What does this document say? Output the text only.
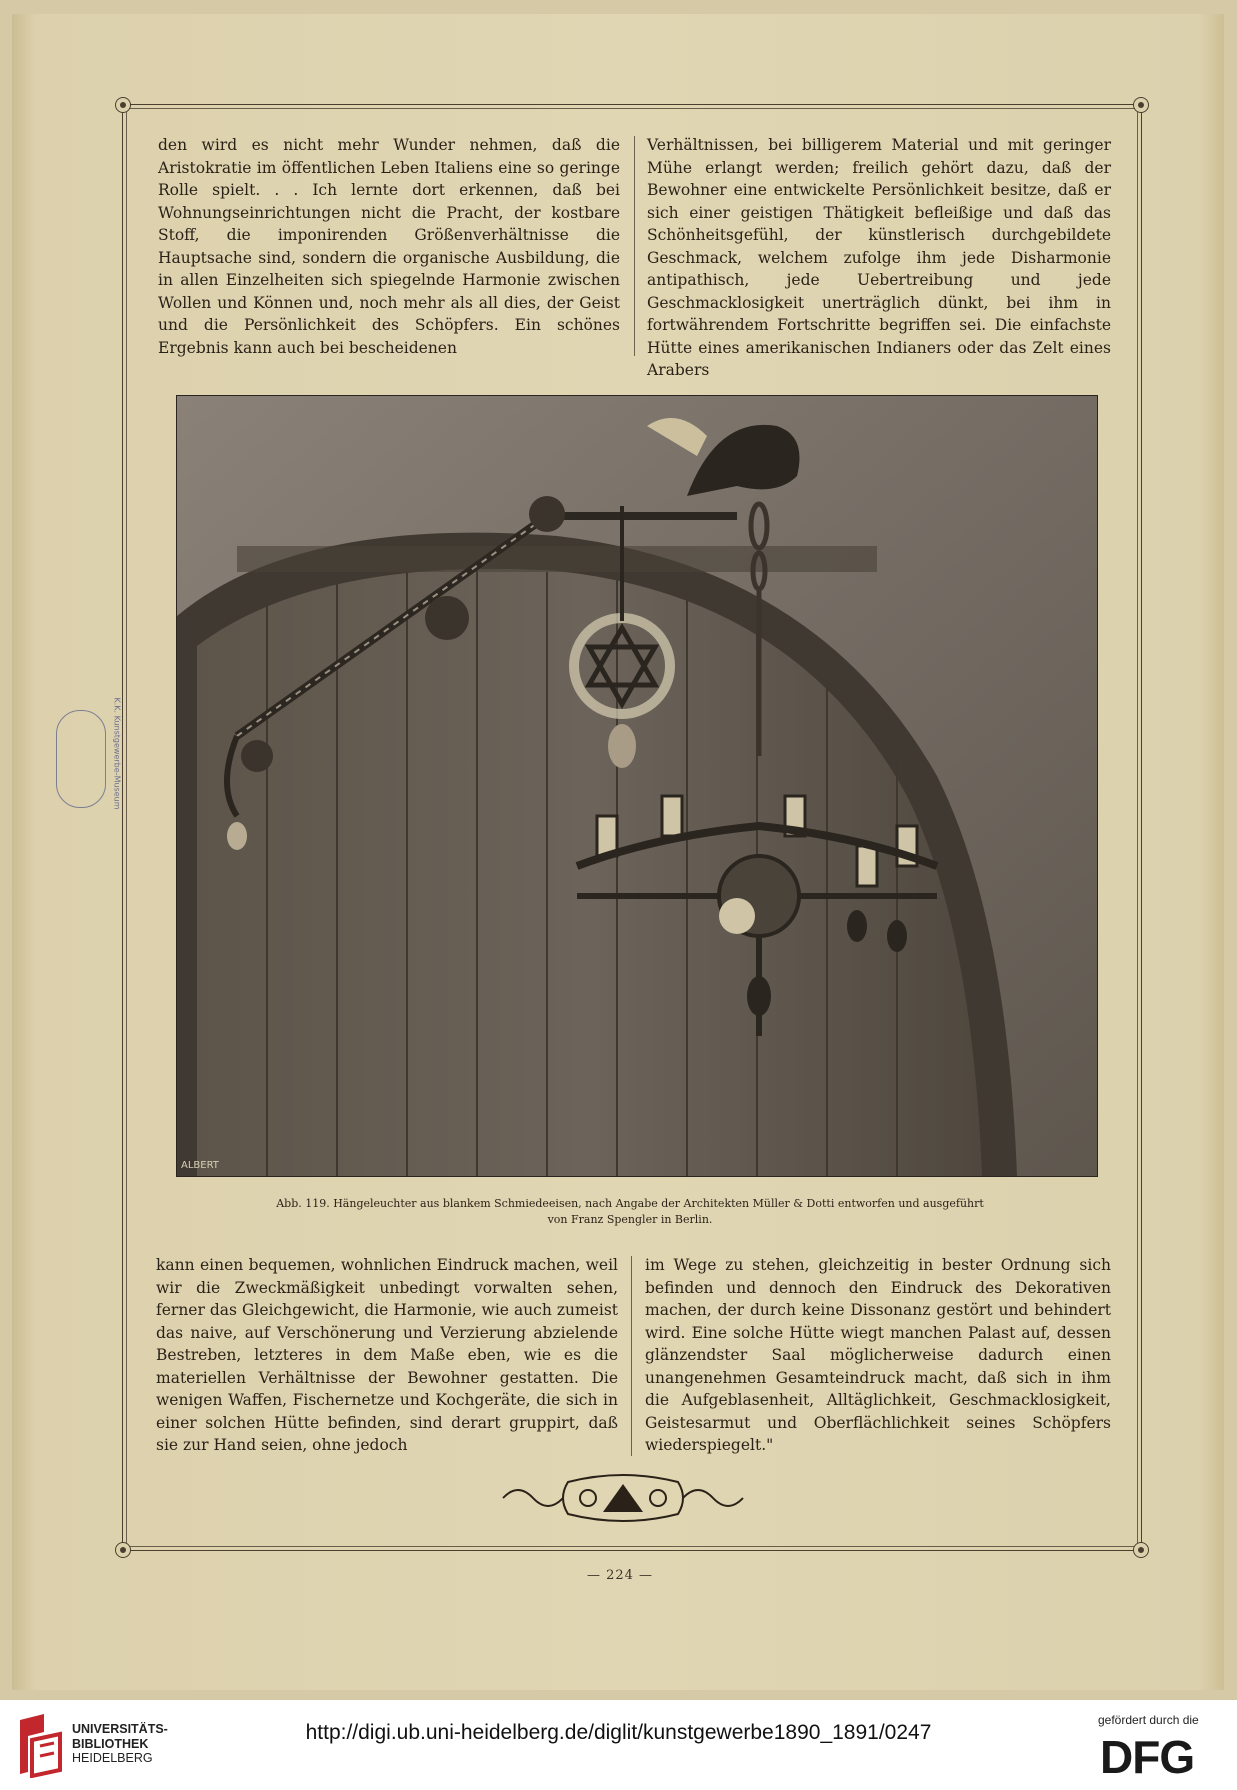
den wird es nicht mehr Wunder nehmen, daß die Aristokratie im öffentlichen Leben Italiens eine so geringe Rolle spielt. . . Ich lernte dort erkennen, daß bei Wohnungseinrichtungen nicht die Pracht, der kostbare Stoff, die imponirenden Größenverhältnisse die Hauptsache sind, sondern die organische Ausbildung, die in allen Einzelheiten sich spiegelnde Harmonie zwischen Wollen und Können und, noch mehr als all dies, der Geist und die Persönlichkeit des Schöpfers. Ein schönes Ergebnis kann auch bei bescheidenen

Verhältnissen, bei billigerem Material und mit geringer Mühe erlangt werden; freilich gehört dazu, daß der Bewohner eine entwickelte Persönlichkeit besitze, daß er sich einer geistigen Thätigkeit befleißige und daß das Schönheitsgefühl, der künstlerisch durchgebildete Geschmack, welchem zufolge ihm jede Disharmonie antipathisch, jede Uebertreibung und jede Geschmacklosigkeit unerträglich dünkt, bei ihm in fortwährendem Fortschritte begriffen sei. Die einfachste Hütte eines amerikanischen Indianers oder das Zelt eines Arabers

ALBERT
Abb. 119. Hängeleuchter aus blankem Schmiedeeisen, nach Angabe der Architekten Müller & Dotti entworfen und ausgeführt
von Franz Spengler in Berlin.

kann einen bequemen, wohnlichen Eindruck machen, weil wir die Zweckmäßigkeit unbedingt vorwalten sehen, ferner das Gleichgewicht, die Harmonie, wie auch zumeist das naive, auf Verschönerung und Verzierung abzielende Bestreben, letzteres in dem Maße eben, wie es die materiellen Verhältnisse der Bewohner gestatten. Die wenigen Waffen, Fischernetze und Kochgeräte, die sich in einer solchen Hütte befinden, sind derart gruppirt, daß sie zur Hand seien, ohne jedoch

im Wege zu stehen, gleichzeitig in bester Ordnung sich befinden und dennoch den Eindruck des Dekorativen machen, der durch keine Dissonanz gestört und behindert wird. Eine solche Hütte wiegt manchen Palast auf, dessen glänzendster Saal möglicherweise dadurch einen unangenehmen Gesamteindruck macht, daß sich in ihm die Aufgeblasenheit, Alltäglichkeit, Geschmacklosigkeit, Geistesarmut und Oberflächlichkeit seines Schöpfers wiederspiegelt."

— 224 —
K.K. Kunstgewerbe-Museum
UNIVERSITÄTS-
BIBLIOTHEK
HEIDELBERG
http://digi.ub.uni-heidelberg.de/diglit/kunstgewerbe1890_1891/0247
gefördert durch die
DFG
